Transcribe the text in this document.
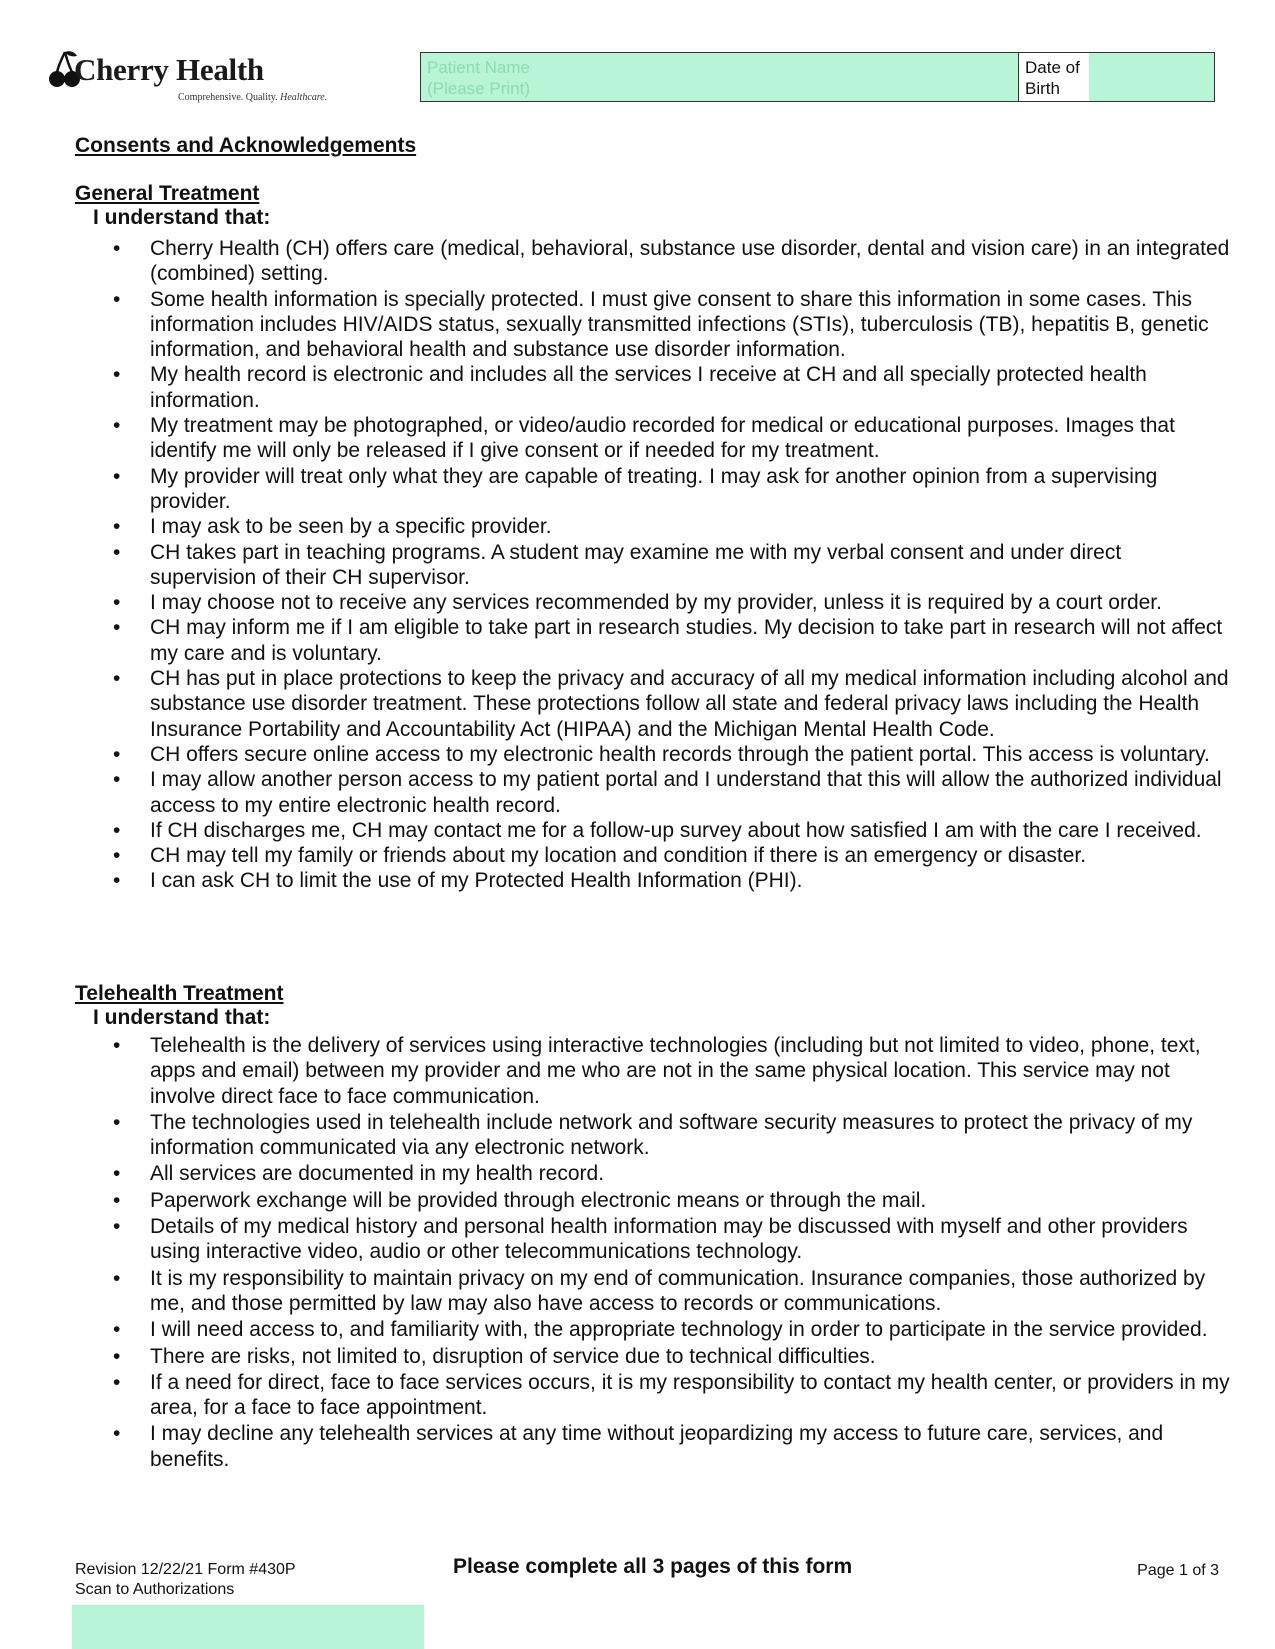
Cherry Health
Comprehensive. Quality. Healthcare.
Patient Name
(Please Print)
Date of
Birth
Consents and Acknowledgements
General Treatment
I understand that:
• Cherry Health (CH) offers care (medical, behavioral, substance use disorder, dental and vision care) in an integrated (combined) setting.
• Some health information is specially protected. I must give consent to share this information in some cases. This information includes HIV/AIDS status, sexually transmitted infections (STIs), tuberculosis (TB), hepatitis B, genetic information, and behavioral health and substance use disorder information.
• My health record is electronic and includes all the services I receive at CH and all specially protected health information.
• My treatment may be photographed, or video/audio recorded for medical or educational purposes. Images that identify me will only be released if I give consent or if needed for my treatment.
• My provider will treat only what they are capable of treating. I may ask for another opinion from a supervising provider.
• I may ask to be seen by a specific provider.
• CH takes part in teaching programs. A student may examine me with my verbal consent and under direct supervision of their CH supervisor.
• I may choose not to receive any services recommended by my provider, unless it is required by a court order.
• CH may inform me if I am eligible to take part in research studies. My decision to take part in research will not affect my care and is voluntary.
• CH has put in place protections to keep the privacy and accuracy of all my medical information including alcohol and substance use disorder treatment. These protections follow all state and federal privacy laws including the Health Insurance Portability and Accountability Act (HIPAA) and the Michigan Mental Health Code.
• CH offers secure online access to my electronic health records through the patient portal. This access is voluntary.
• I may allow another person access to my patient portal and I understand that this will allow the authorized individual access to my entire electronic health record.
• If CH discharges me, CH may contact me for a follow-up survey about how satisfied I am with the care I received.
• CH may tell my family or friends about my location and condition if there is an emergency or disaster.
• I can ask CH to limit the use of my Protected Health Information (PHI).
Telehealth Treatment
I understand that:
• Telehealth is the delivery of services using interactive technologies (including but not limited to video, phone, text, apps and email) between my provider and me who are not in the same physical location. This service may not involve direct face to face communication.
• The technologies used in telehealth include network and software security measures to protect the privacy of my information communicated via any electronic network.
• All services are documented in my health record.
• Paperwork exchange will be provided through electronic means or through the mail.
• Details of my medical history and personal health information may be discussed with myself and other providers using interactive video, audio or other telecommunications technology.
• It is my responsibility to maintain privacy on my end of communication. Insurance companies, those authorized by me, and those permitted by law may also have access to records or communications.
• I will need access to, and familiarity with, the appropriate technology in order to participate in the service provided.
• There are risks, not limited to, disruption of service due to technical difficulties.
• If a need for direct, face to face services occurs, it is my responsibility to contact my health center, or providers in my area, for a face to face appointment.
• I may decline any telehealth services at any time without jeopardizing my access to future care, services, and benefits.
Revision 12/22/21 Form #430P
Scan to Authorizations
Please complete all 3 pages of this form	Page 1 of 3
